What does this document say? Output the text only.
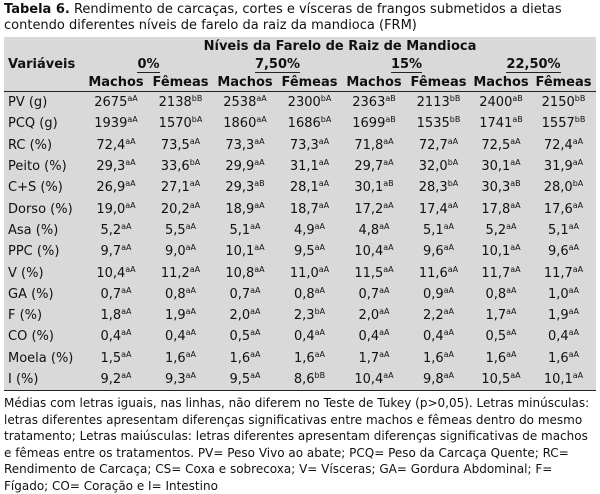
Tabela 6. Rendimento de carcaças, cortes e vísceras de frangos submetidos a dietas contendo diferentes níveis de farelo da raiz da mandioca (FRM)

Variáveis	Níveis da Farelo de Raiz de Mandioca							
	0%		7,50%		15%		22,50%	
	Machos	Fêmeas	Machos	Fêmeas	Machos	Fêmeas	Machos	Fêmeas
PV (g)	$2675^{aA}$	$2138^{bB}$	$2538^{aA}$	$2300^{bA}$	$2363^{aB}$	$2113^{bB}$	$2400^{aB}$	$2150^{bB}$
PCQ (g)	$1939^{aA}$	$1570^{bA}$	$1860^{aA}$	$1686^{bA}$	$1699^{aB}$	$1535^{bB}$	$1741^{aB}$	$1557^{bB}$
RC (%)	$72,4^{aA}$	$73,5^{aA}$	$73,3^{aA}$	$73,3^{aA}$	$71,8^{aA}$	$72,7^{aA}$	$72,5^{aA}$	$72,4^{aA}$
Peito (%)	$29,3^{aA}$	$33,6^{bA}$	$29,9^{aA}$	$31,1^{aA}$	$29,7^{aA}$	$32,0^{bA}$	$30,1^{aA}$	$31,9^{aA}$
C+S (%)	$26,9^{aA}$	$27,1^{aA}$	$29,3^{aB}$	$28,1^{aA}$	$30,1^{aB}$	$28,3^{bA}$	$30,3^{aB}$	$28,0^{bA}$
Dorso (%)	$19,0^{aA}$	$20,2^{aA}$	$18,9^{aA}$	$18,7^{aA}$	$17,2^{aA}$	$17,4^{aA}$	$17,8^{aA}$	$17,6^{aA}$
Asa (%)	$5,2^{aA}$	$5,5^{aA}$	$5,1^{aA}$	$4,9^{aA}$	$4,8^{aA}$	$5,1^{aA}$	$5,2^{aA}$	$5,1^{aA}$
PPC (%)	$9,7^{aA}$	$9,0^{aA}$	$10,1^{aA}$	$9,5^{aA}$	$10,4^{aA}$	$9,6^{aA}$	$10,1^{aA}$	$9,6^{aA}$
V (%)	$10,4^{aA}$	$11,2^{aA}$	$10,8^{aA}$	$11,0^{aA}$	$11,5^{aA}$	$11,6^{aA}$	$11,7^{aA}$	$11,7^{aA}$
GA (%)	$0,7^{aA}$	$0,8^{aA}$	$0,7^{aA}$	$0,8^{aA}$	$0,7^{aA}$	$0,9^{aA}$	$0,8^{aA}$	$1,0^{aA}$
F (%)	$1,8^{aA}$	$1,9^{aA}$	$2,0^{aA}$	$2,3^{bA}$	$2,0^{aA}$	$2,2^{aA}$	$1,7^{aA}$	$1,9^{aA}$
CO (%)	$0,4^{aA}$	$0,4^{aA}$	$0,5^{aA}$	$0,4^{aA}$	$0,4^{aA}$	$0,4^{aA}$	$0,5^{aA}$	$0,4^{aA}$
Moela (%)	$1,5^{aA}$	$1,6^{aA}$	$1,6^{aA}$	$1,6^{aA}$	$1,7^{aA}$	$1,6^{aA}$	$1,6^{aA}$	$1,6^{aA}$
I (%)	$9,2^{aA}$	$9,3^{aA}$	$9,5^{aA}$	$8,6^{bB}$	$10,4^{aA}$	$9,8^{aA}$	$10,5^{aA}$	$10,1^{aA}$

Médias com letras iguais, nas linhas, não diferem no Teste de Tukey (p>0,05). Letras minúsculas: letras diferentes apresentam diferenças significativas entre machos e fêmeas dentro do mesmo tratamento; Letras maiúsculas: letras diferentes apresentam diferenças significativas de machos e fêmeas entre os tratamentos. PV= Peso Vivo ao abate; PCQ= Peso da Carcaça Quente; RC= Rendimento de Carcaça; CS= Coxa e sobrecoxa; V= Vísceras; GA= Gordura Abdominal; F= Fígado; CO= Coração e I= Intestino
